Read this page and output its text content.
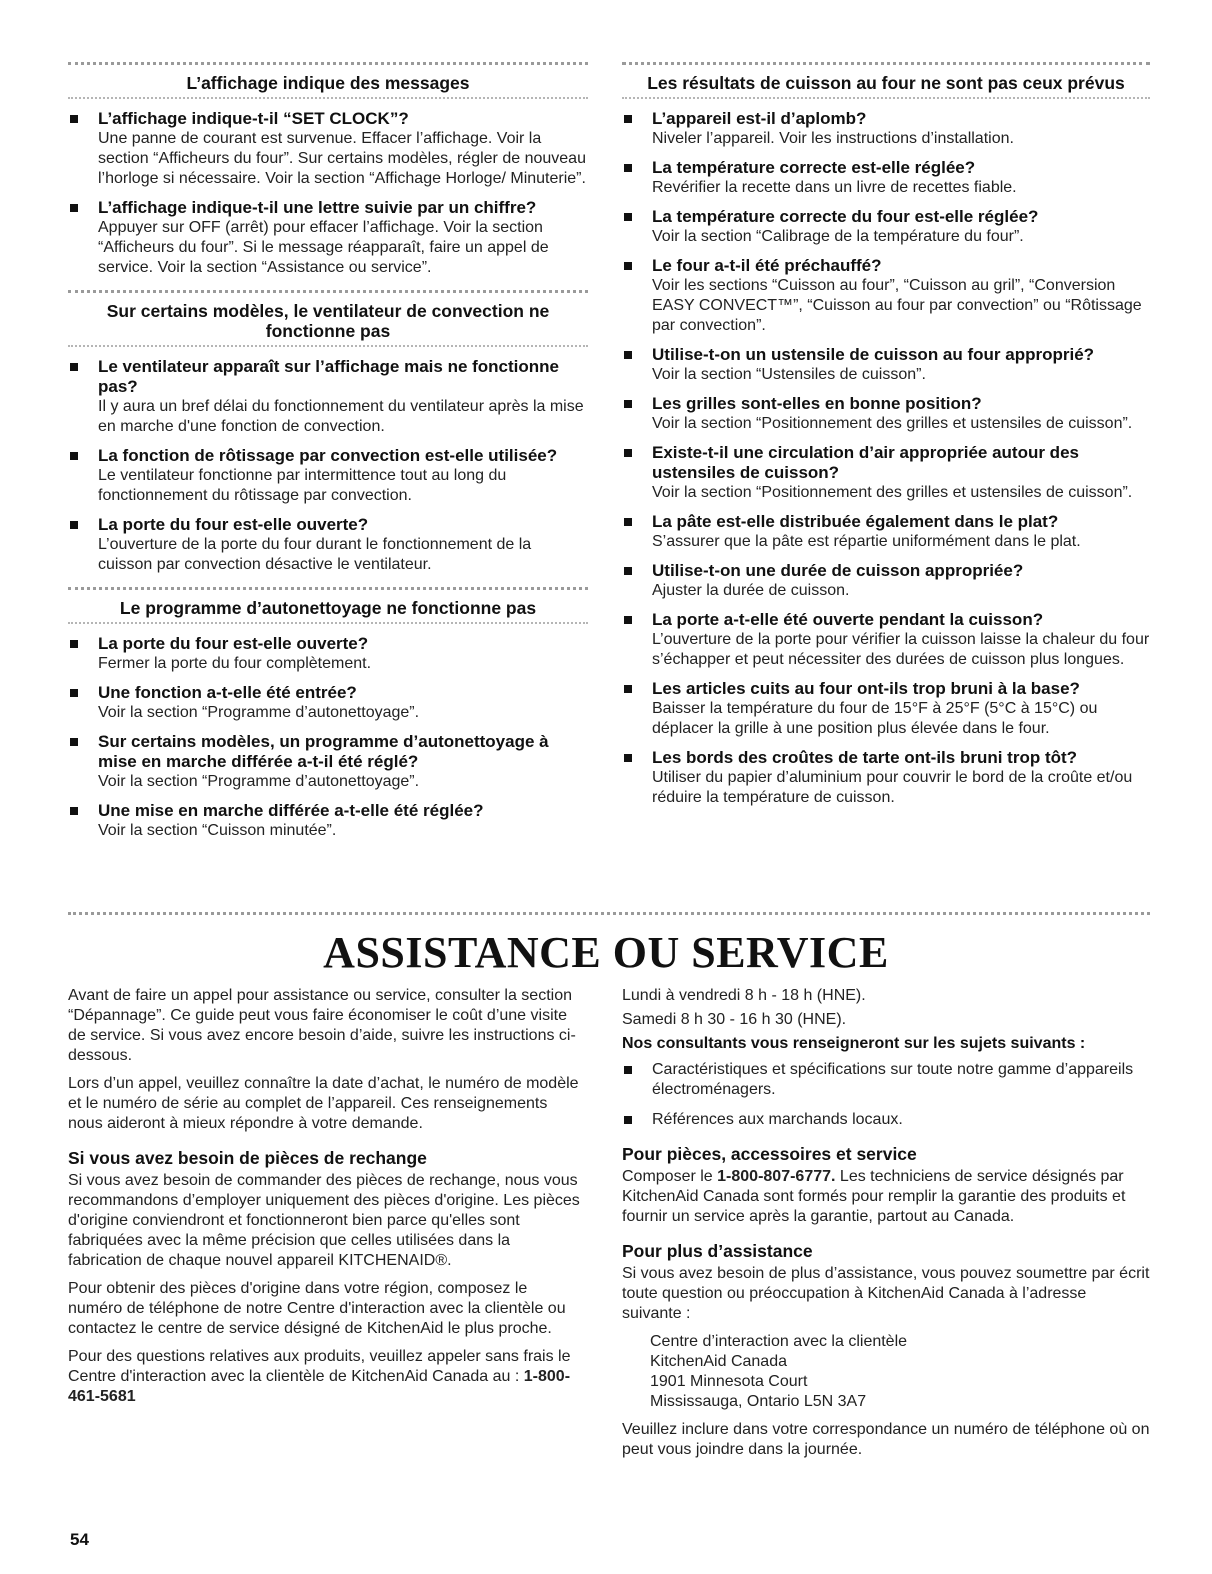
L’affichage indique des messages
L’affichage indique-t-il “SET CLOCK”?
Une panne de courant est survenue. Effacer l’affichage. Voir la section “Afficheurs du four”. Sur certains modèles, régler de nouveau l’horloge si nécessaire. Voir la section “Affichage Horloge/ Minuterie”.
L’affichage indique-t-il une lettre suivie par un chiffre?
Appuyer sur OFF (arrêt) pour effacer l’affichage. Voir la section “Afficheurs du four”. Si le message réapparaît, faire un appel de service. Voir la section “Assistance ou service”.
Sur certains modèles, le ventilateur de convection ne fonctionne pas
Le ventilateur apparaît sur l’affichage mais ne fonctionne pas?
Il y aura un bref délai du fonctionnement du ventilateur après la mise en marche d'une fonction de convection.
La fonction de rôtissage par convection est-elle utilisée?
Le ventilateur fonctionne par intermittence tout au long du fonctionnement du rôtissage par convection.
La porte du four est-elle ouverte?
L’ouverture de la porte du four durant le fonctionnement de la cuisson par convection désactive le ventilateur.
Le programme d’autonettoyage ne fonctionne pas
La porte du four est-elle ouverte?
Fermer la porte du four complètement.
Une fonction a-t-elle été entrée?
Voir la section “Programme d’autonettoyage”.
Sur certains modèles, un programme d’autonettoyage à mise en marche différée a-t-il été réglé?
Voir la section “Programme d’autonettoyage”.
Une mise en marche différée a-t-elle été réglée?
Voir la section “Cuisson minutée”.
Les résultats de cuisson au four ne sont pas ceux prévus
L’appareil est-il d’aplomb?
Niveler l’appareil. Voir les instructions d’installation.
La température correcte est-elle réglée?
Revérifier la recette dans un livre de recettes fiable.
La température correcte du four est-elle réglée?
Voir la section “Calibrage de la température du four”.
Le four a-t-il été préchauffé?
Voir les sections “Cuisson au four”, “Cuisson au gril”, “Conversion EASY CONVECT™”, “Cuisson au four par convection” ou “Rôtissage par convection”.
Utilise-t-on un ustensile de cuisson au four approprié?
Voir la section “Ustensiles de cuisson”.
Les grilles sont-elles en bonne position?
Voir la section “Positionnement des grilles et ustensiles de cuisson”.
Existe-t-il une circulation d’air appropriée autour des ustensiles de cuisson?
Voir la section “Positionnement des grilles et ustensiles de cuisson”.
La pâte est-elle distribuée également dans le plat?
S’assurer que la pâte est répartie uniformément dans le plat.
Utilise-t-on une durée de cuisson appropriée?
Ajuster la durée de cuisson.
La porte a-t-elle été ouverte pendant la cuisson?
L’ouverture de la porte pour vérifier la cuisson laisse la chaleur du four s’échapper et peut nécessiter des durées de cuisson plus longues.
Les articles cuits au four ont-ils trop bruni à la base?
Baisser la température du four de 15°F à 25°F (5°C à 15°C) ou déplacer la grille à une position plus élevée dans le four.
Les bords des croûtes de tarte ont-ils bruni trop tôt?
Utiliser du papier d’aluminium pour couvrir le bord de la croûte et/ou réduire la température de cuisson.
ASSISTANCE OU SERVICE

Avant de faire un appel pour assistance ou service, consulter la section “Dépannage”. Ce guide peut vous faire économiser le coût d’une visite de service. Si vous avez encore besoin d’aide, suivre les instructions ci-dessous.

Lors d’un appel, veuillez connaître la date d’achat, le numéro de modèle et le numéro de série au complet de l’appareil. Ces renseignements nous aideront à mieux répondre à votre demande.

Si vous avez besoin de pièces de rechange

Si vous avez besoin de commander des pièces de rechange, nous vous recommandons d’employer uniquement des pièces d'origine. Les pièces d'origine conviendront et fonctionneront bien parce qu'elles sont fabriquées avec la même précision que celles utilisées dans la fabrication de chaque nouvel appareil KITCHENAID®.

Pour obtenir des pièces d'origine dans votre région, composez le numéro de téléphone de notre Centre d'interaction avec la clientèle ou contactez le centre de service désigné de KitchenAid le plus proche.

Pour des questions relatives aux produits, veuillez appeler sans frais le Centre d'interaction avec la clientèle de KitchenAid Canada au : 1-800-461-5681

Lundi à vendredi 8 h - 18 h (HNE).

Samedi 8 h 30 - 16 h 30 (HNE).

Nos consultants vous renseigneront sur les sujets suivants :
Caractéristiques et spécifications sur toute notre gamme d’appareils électroménagers.
Références aux marchands locaux.
Pour pièces, accessoires et service

Composer le 1-800-807-6777. Les techniciens de service désignés par KitchenAid Canada sont formés pour remplir la garantie des produits et fournir un service après la garantie, partout au Canada.

Pour plus d’assistance

Si vous avez besoin de plus d’assistance, vous pouvez soumettre par écrit toute question ou préoccupation à KitchenAid Canada à l’adresse suivante :

Centre d’interaction avec la clientèle
KitchenAid Canada
1901 Minnesota Court
Mississauga, Ontario L5N 3A7

Veuillez inclure dans votre correspondance un numéro de téléphone où on peut vous joindre dans la journée.

54
